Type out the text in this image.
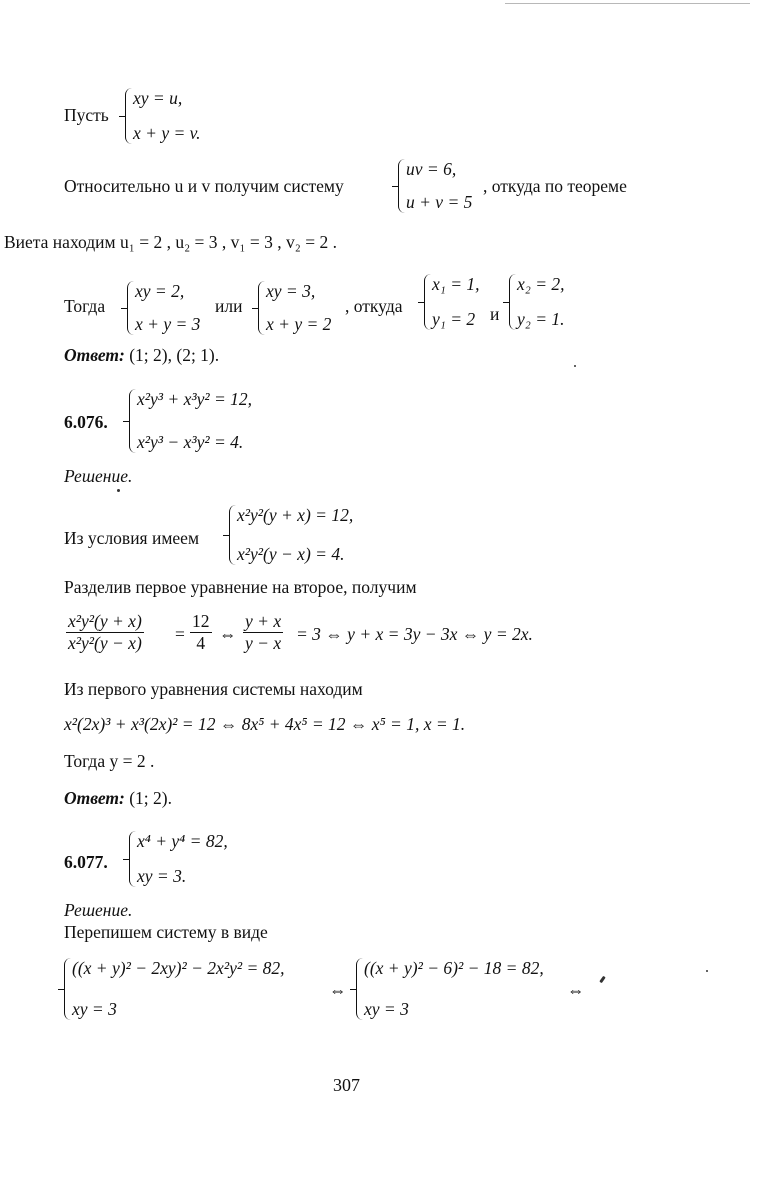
Пусть
xy = u,
x + y = v.
Относительно u и v получим систему
uv = 6,
u + v = 5
, откуда по теореме
Виета находим u₁ = 2 , u₂ = 3 , v₁ = 3 , v₂ = 2 .
Тогда
xy = 2,
x + y = 3
или
xy = 3,
x + y = 2
, откуда
x₁ = 1,
y₁ = 2 и
x₂ = 2,
y₂ = 1.
Ответ: (1; 2), (2; 1).
6.076.
x²y³ + x³y² = 12,
x²y³ − x³y² = 4.
Решение.
Из условия имеем
x²y²(y + x) = 12,
x²y²(y − x) = 4.
Разделив первое уравнение на второе, получим
x²y²(y + x)
x²y²(y − x) =
12
4 ⇔
y + x
y − x = 3 ⇔ y + x = 3y − 3x ⇔ y = 2x.
Из первого уравнения системы находим
x²(2x)³ + x³(2x)² = 12 ⇔ 8x⁵ + 4x⁵ = 12 ⇔ x⁵ = 1, x = 1.
Тогда y = 2 .
Ответ: (1; 2).
6.077.
x⁴ + y⁴ = 82,
xy = 3.
Решение.
Перепишем систему в виде
((x + y)² − 2xy)² − 2x²y² = 82,
xy = 3
⇔
((x + y)² − 6)² − 18 = 82,
xy = 3
⇔
307
